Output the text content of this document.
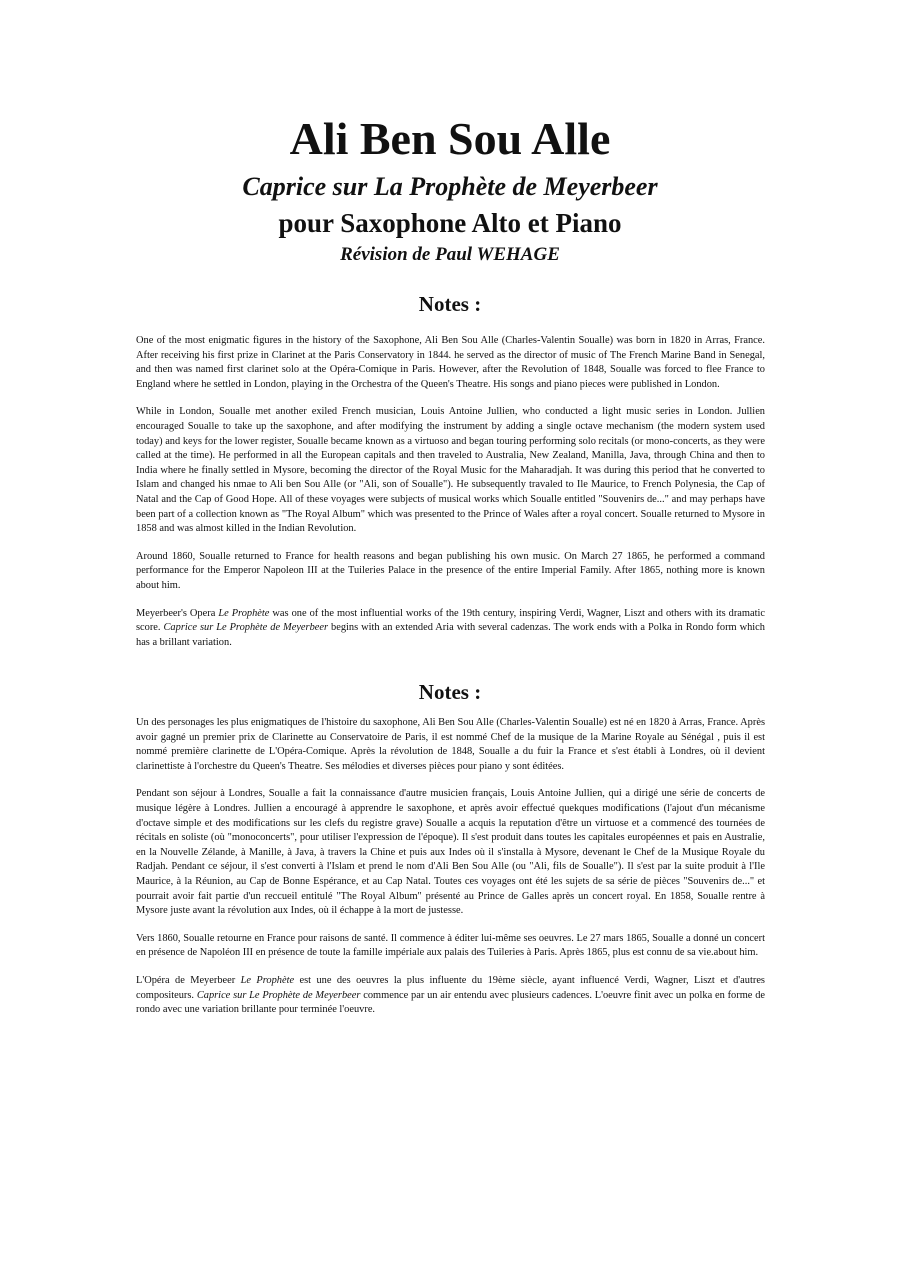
Ali Ben Sou Alle
Caprice sur La Prophète de Meyerbeer
pour Saxophone Alto et Piano
Révision de Paul WEHAGE
Notes :

One of the most enigmatic figures in the history of the Saxophone, Ali Ben Sou Alle (Charles-Valentin Soualle) was born in 1820 in Arras, France. After receiving his first prize in Clarinet at the Paris Conservatory in 1844. he served as the director of music of The French Marine Band in Senegal, and then was named first clarinet solo at the Opéra-Comique in Paris. However, after the Revolution of 1848, Soualle was forced to flee France to England where he settled in London, playing in the Orchestra of the Queen's Theatre. His songs and piano pieces were published in London.

While in London, Soualle met another exiled French musician, Louis Antoine Jullien, who conducted a light music series in London. Jullien encouraged Soualle to take up the saxophone, and after modifying the instrument by adding a single octave mechanism (the modern system used today) and keys for the lower register, Soualle became known as a virtuoso and began touring performing solo recitals (or mono-concerts, as they were called at the time). He performed in all the European capitals and then traveled to Australia, New Zealand, Manilla, Java, through China and then to India where he finally settled in Mysore, becoming the director of the Royal Music for the Maharadjah. It was during this period that he converted to Islam and changed his nmae to Ali ben Sou Alle (or "Ali, son of Soualle"). He subsequently travaled to Ile Maurice, to French Polynesia, the Cap of Natal and the Cap of Good Hope. All of these voyages were subjects of musical works which Soualle entitled "Souvenirs de..." and may perhaps have been part of a collection known as "The Royal Album" which was presented to the Prince of Wales after a royal concert. Soualle returned to Mysore in 1858 and was almost killed in the Indian Revolution.

Around 1860, Soualle returned to France for health reasons and began publishing his own music. On March 27 1865, he performed a command performance for the Emperor Napoleon III at the Tuileries Palace in the presence of the entire Imperial Family. After 1865, nothing more is known about him.

Meyerbeer's Opera Le Prophète was one of the most influential works of the 19th century, inspiring Verdi, Wagner, Liszt and others with its dramatic score. Caprice sur Le Prophète de Meyerbeer begins with an extended Aria with several cadenzas. The work ends with a Polka in Rondo form which has a brillant variation.

Notes :

Un des personages les plus enigmatiques de l'histoire du saxophone, Ali Ben Sou Alle (Charles-Valentin Soualle) est né en 1820 à Arras, France. Après avoir gagné un premier prix de Clarinette au Conservatoire de Paris, il est nommé Chef de la musique de la Marine Royale au Sénégal , puis il est nommé première clarinette de L'Opéra-Comique. Après la révolution de 1848, Soualle a du fuir la France et s'est établi à Londres, où il devient clarinettiste à l'orchestre du Queen's Theatre. Ses mélodies et diverses pièces pour piano y sont éditées.

Pendant son séjour à Londres, Soualle a fait la connaissance d'autre musicien français, Louis Antoine Jullien, qui a dirigé une série de concerts de musique légère à Londres. Jullien a encouragé à apprendre le saxophone, et après avoir effectué quekques modifications (l'ajout d'un mécanisme d'octave simple et des modifications sur les clefs du registre grave) Soualle a acquis la reputation d'être un virtuose et a commencé des tournées de récitals en soliste (où "monoconcerts", pour utiliser l'expression de l'époque). Il s'est produit dans toutes les capitales européennes et pais en Australie, en la Nouvelle Zélande, à Manille, à Java, à travers la Chine et puis aux Indes où il s'installa à Mysore, devenant le Chef de la Musique Royale du Radjah. Pendant ce séjour, il s'est converti à l'Islam et prend le nom d'Ali Ben Sou Alle (ou "Ali, fils de Soualle"). Il s'est par la suite produit à l'Ile Maurice, à la Réunion, au Cap de Bonne Espérance, et au Cap Natal. Toutes ces voyages ont été les sujets de sa série de pièces "Souvenirs de..." et pourrait avoir fait partie d'un reccueil entitulé "The Royal Album" présenté au Prince de Galles après un concert royal. En 1858, Soualle rentre à Mysore juste avant la révolution aux Indes, où il échappe à la mort de justesse.

Vers 1860, Soualle retourne en France pour raisons de santé. Il commence à éditer lui-même ses oeuvres. Le 27 mars 1865, Soualle a donné un concert en présence de Napoléon III en présence de toute la famille impériale aux palais des Tuileries à Paris. Après 1865, plus est connu de sa vie.about him.

L'Opéra de Meyerbeer Le Prophète est une des oeuvres la plus influente du 19ème siècle, ayant influencé Verdi, Wagner, Liszt et d'autres compositeurs. Caprice sur Le Prophète de Meyerbeer commence par un air entendu avec plusieurs cadences. L'oeuvre finit avec un polka en forme de rondo avec une variation brillante pour terminée l'oeuvre.
